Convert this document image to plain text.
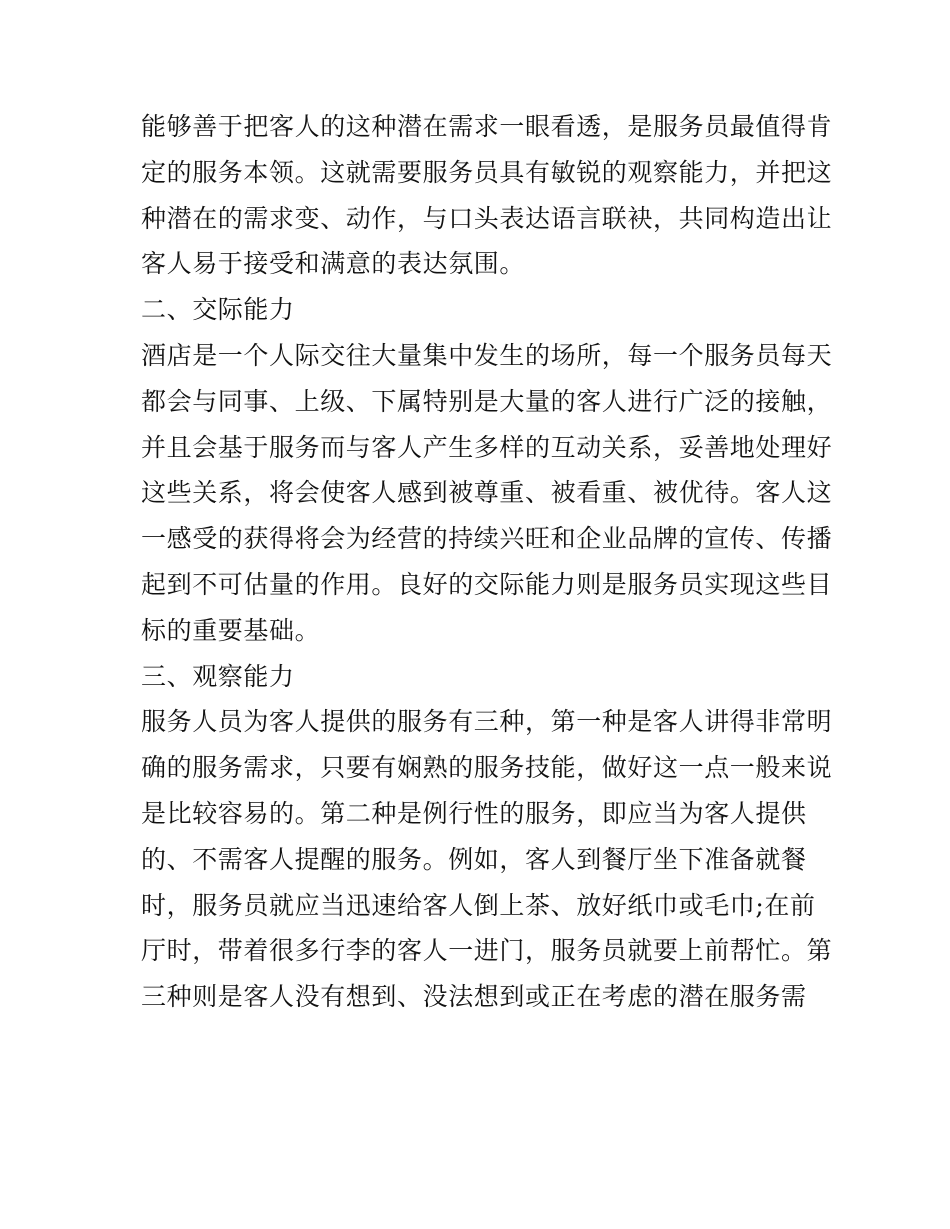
能够善于把客人的这种潜在需求一眼看透，是服务员最值得肯
定的服务本领。这就需要服务员具有敏锐的观察能力，并把这
种潜在的需求变、动作，与口头表达语言联袂，共同构造出让
客人易于接受和满意的表达氛围。
二、交际能力
酒店是一个人际交往大量集中发生的场所，每一个服务员每天
都会与同事、上级、下属特别是大量的客人进行广泛的接触，
并且会基于服务而与客人产生多样的互动关系，妥善地处理好
这些关系，将会使客人感到被尊重、被看重、被优待。客人这
一感受的获得将会为经营的持续兴旺和企业品牌的宣传、传播
起到不可估量的作用。良好的交际能力则是服务员实现这些目
标的重要基础。
三、观察能力
服务人员为客人提供的服务有三种，第一种是客人讲得非常明
确的服务需求，只要有娴熟的服务技能，做好这一点一般来说
是比较容易的。第二种是例行性的服务，即应当为客人提供
的、不需客人提醒的服务。例如，客人到餐厅坐下准备就餐
时，服务员就应当迅速给客人倒上茶、放好纸巾或毛巾;在前
厅时，带着很多行李的客人一进门，服务员就要上前帮忙。第
三种则是客人没有想到、没法想到或正在考虑的潜在服务需
